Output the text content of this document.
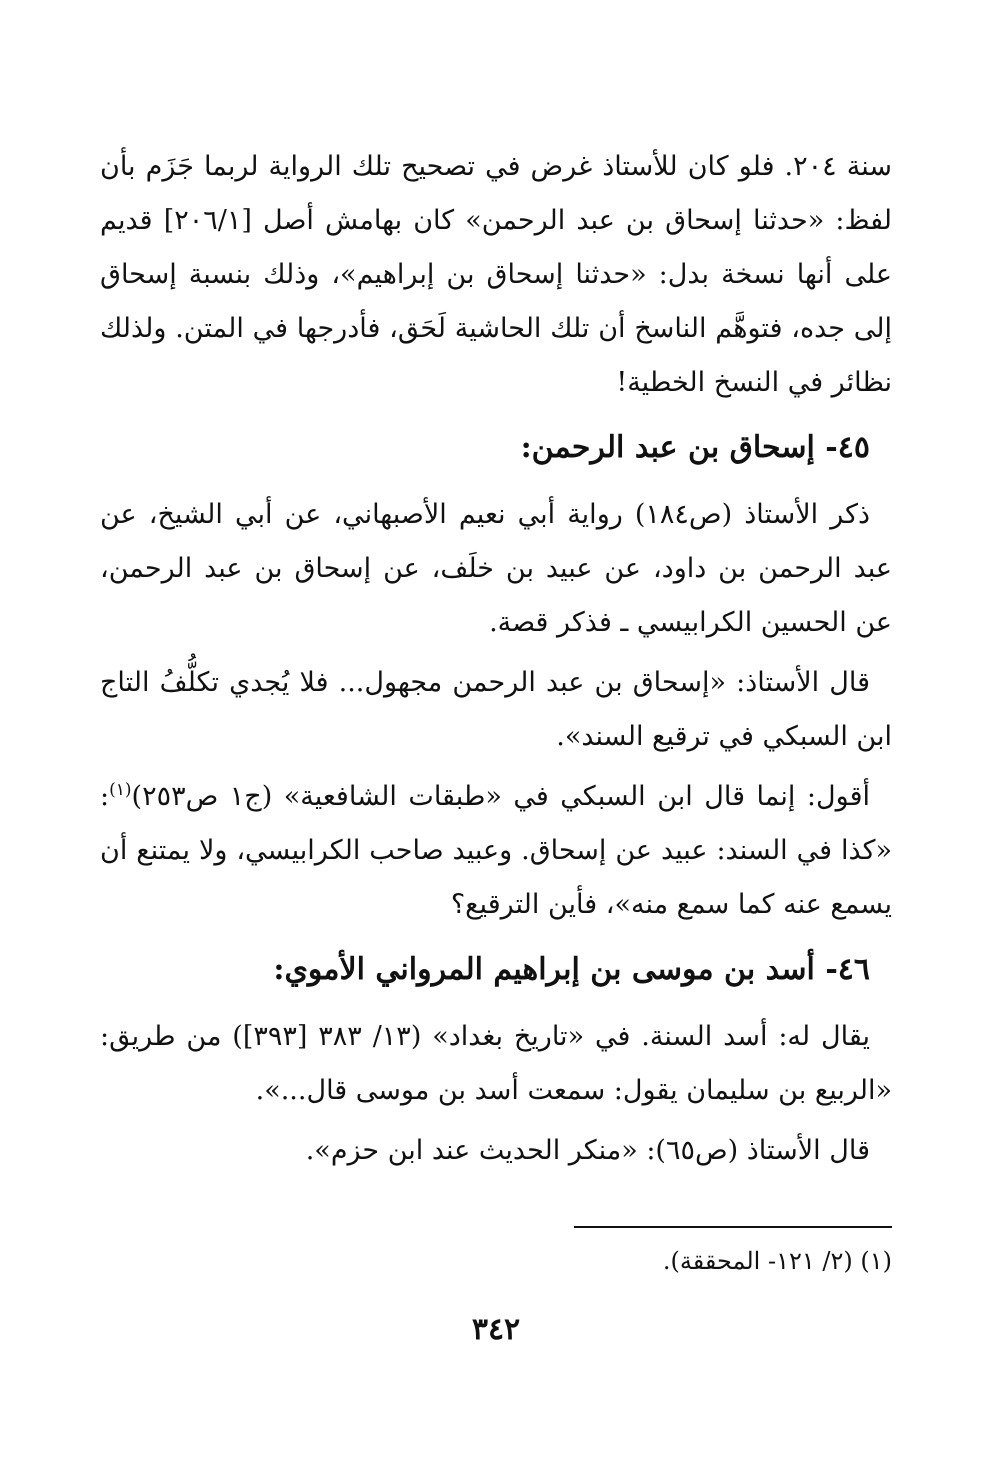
سنة ٢٠٤. فلو كان للأستاذ غرض في تصحيح تلك الرواية لربما جَزَم بأن لفظ: «حدثنا إسحاق بن عبد الرحمن» كان بهامش أصل [٢٠٦/١] قديم على أنها نسخة بدل: «حدثنا إسحاق بن إبراهيم»، وذلك بنسبة إسحاق إلى جده، فتوهَّم الناسخ أن تلك الحاشية لَحَق، فأدرجها في المتن. ولذلك نظائر في النسخ الخطية!

٤٥- إسحاق بن عبد الرحمن:

ذكر الأستاذ (ص١٨٤) رواية أبي نعيم الأصبهاني، عن أبي الشيخ، عن عبد الرحمن بن داود، عن عبيد بن خلَف، عن إسحاق بن عبد الرحمن، عن الحسين الكرابيسي ـ فذكر قصة.

قال الأستاذ: «إسحاق بن عبد الرحمن مجهول... فلا يُجدي تكلُّفُ التاج ابن السبكي في ترقيع السند».

أقول: إنما قال ابن السبكي في «طبقات الشافعية» (ج١ ص٢٥٣)$^{(١)}$: «كذا في السند: عبيد عن إسحاق. وعبيد صاحب الكرابيسي، ولا يمتنع أن يسمع عنه كما سمع منه»، فأين الترقيع؟

٤٦- أسد بن موسى بن إبراهيم المرواني الأموي:

يقال له: أسد السنة. في «تاريخ بغداد» (١٣/ ٣٨٣ [٣٩٣]) من طريق: «الربيع بن سليمان يقول: سمعت أسد بن موسى قال...».

قال الأستاذ (ص٦٥): «منكر الحديث عند ابن حزم».

(١) (٢/ ١٢١- المحققة).
٣٤٢
